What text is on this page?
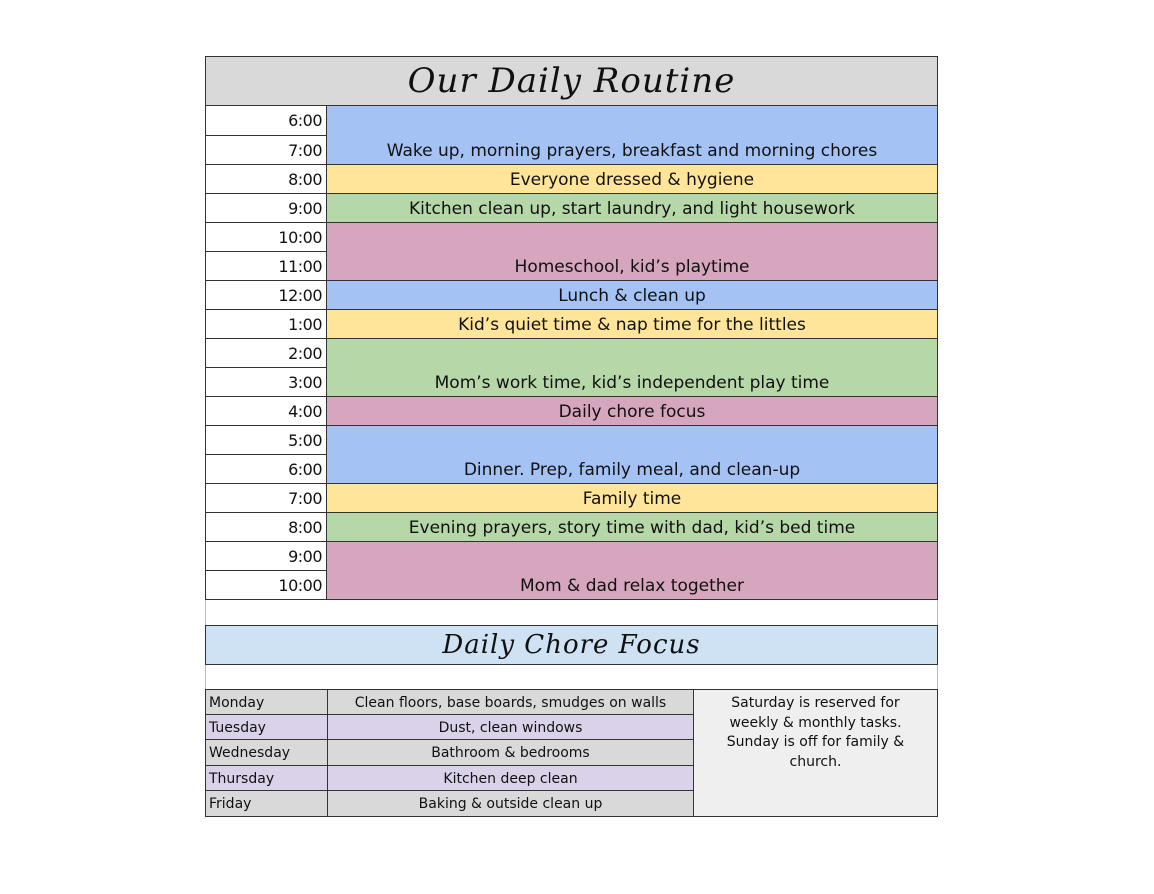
Our Daily Routine
6:00
7:00
8:00
9:00
10:00
11:00
12:00
1:00
2:00
3:00
4:00
5:00
6:00
7:00
8:00
9:00
10:00
Wake up, morning prayers, breakfast and morning chores
Everyone dressed & hygiene
Kitchen clean up, start laundry, and light housework
Homeschool, kid’s playtime
Lunch & clean up
Kid’s quiet time & nap time for the littles
Mom’s work time, kid’s independent play time
Daily chore focus
Dinner. Prep, family meal, and clean-up
Family time
Evening prayers, story time with dad, kid’s bed time
Mom & dad relax together
Daily Chore Focus
Monday
Tuesday
Wednesday
Thursday
Friday
Clean floors, base boards, smudges on walls
Dust, clean windows
Bathroom & bedrooms
Kitchen deep clean
Baking & outside clean up
Saturday is reserved for weekly & monthly tasks. Sunday is off for family & church.
